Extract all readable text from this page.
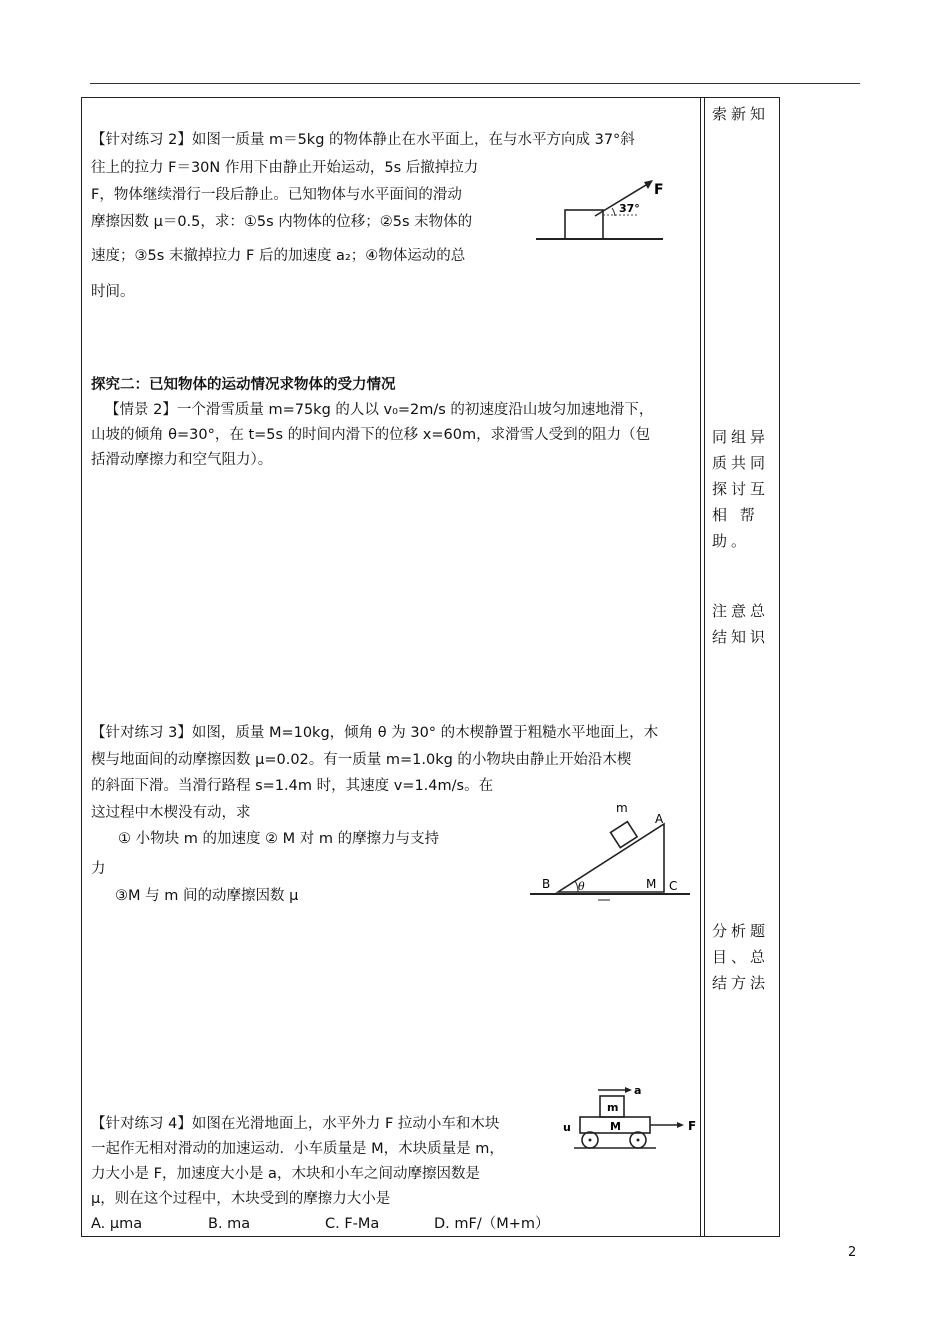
索新知
同组异质共同探讨互相 帮助。
注意总结知识
分析题目、总结方法
【针对练习 2】如图一质量 m＝5kg 的物体静止在水平面上，在与水平方向成 37°斜
往上的拉力 F＝30N 作用下由静止开始运动，5s 后撤掉拉力
F，物体继续滑行一段后静止。已知物体与水平面间的滑动
摩擦因数 μ＝0.5，求：①5s 内物体的位移；②5s 末物体的
速度；③5s 末撤掉拉力 F 后的加速度 a₂；④物体运动的总
时间。
37°
F
探究二：已知物体的运动情况求物体的受力情况
【情景 2】一个滑雪质量 m=75kg 的人以 v₀=2m/s 的初速度沿山坡匀加速地滑下，
山坡的倾角 θ=30°，在 t=5s 的时间内滑下的位移 x=60m，求滑雪人受到的阻力（包
括滑动摩擦力和空气阻力）。
【针对练习 3】如图，质量 M=10kg，倾角 θ 为 30° 的木楔静置于粗糙水平地面上，木
楔与地面间的动摩擦因数 μ=0.02。有一质量 m=1.0kg 的小物块由静止开始沿木楔
的斜面下滑。当滑行路程 s=1.4m 时，其速度 v=1.4m/s。在
这过程中木楔没有动，求
① 小物块 m 的加速度 ② M 对 m 的摩擦力与支持
力
③M 与 m 间的动摩擦因数 μ
m
A
B	M C
θ
【针对练习 4】如图在光滑地面上，水平外力 F 拉动小车和木块
一起作无相对滑动的加速运动．小车质量是 M，木块质量是 m，
力大小是 F，加速度大小是 a，木块和小车之间动摩擦因数是
μ，则在这个过程中，木块受到的摩擦力大小是
A. μma	B. ma	C. F-Ma	D. mF/（M+m）
a
m
M
u	F
2
